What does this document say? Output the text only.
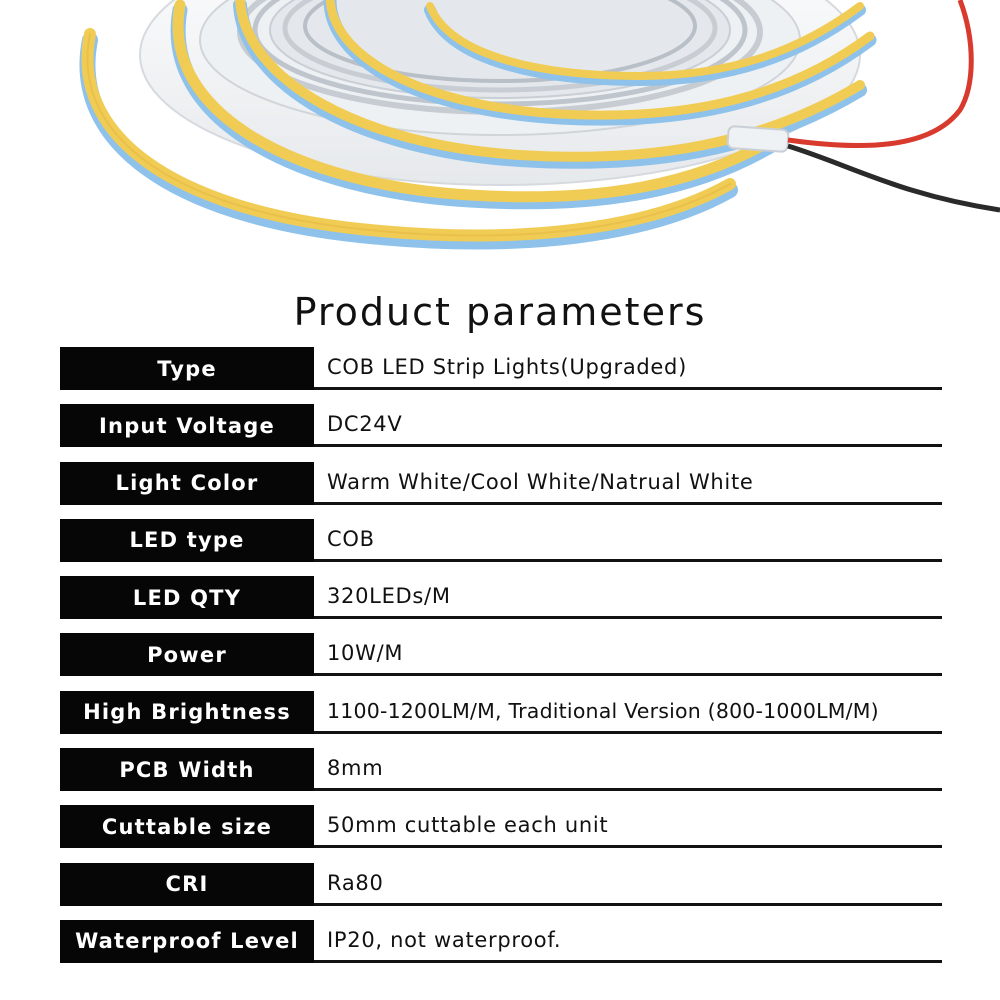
Product parameters
Type	COB LED Strip Lights(Upgraded)
Input Voltage	DC24V
Light Color	Warm White/Cool White/Natrual White
LED type	COB
LED QTY	320LEDs/M
Power	10W/M
High Brightness	1100-1200LM/M, Traditional Version (800-1000LM/M)
PCB Width	8mm
Cuttable size	50mm cuttable each unit
CRI	Ra80
Waterproof Level	IP20, not waterproof.
